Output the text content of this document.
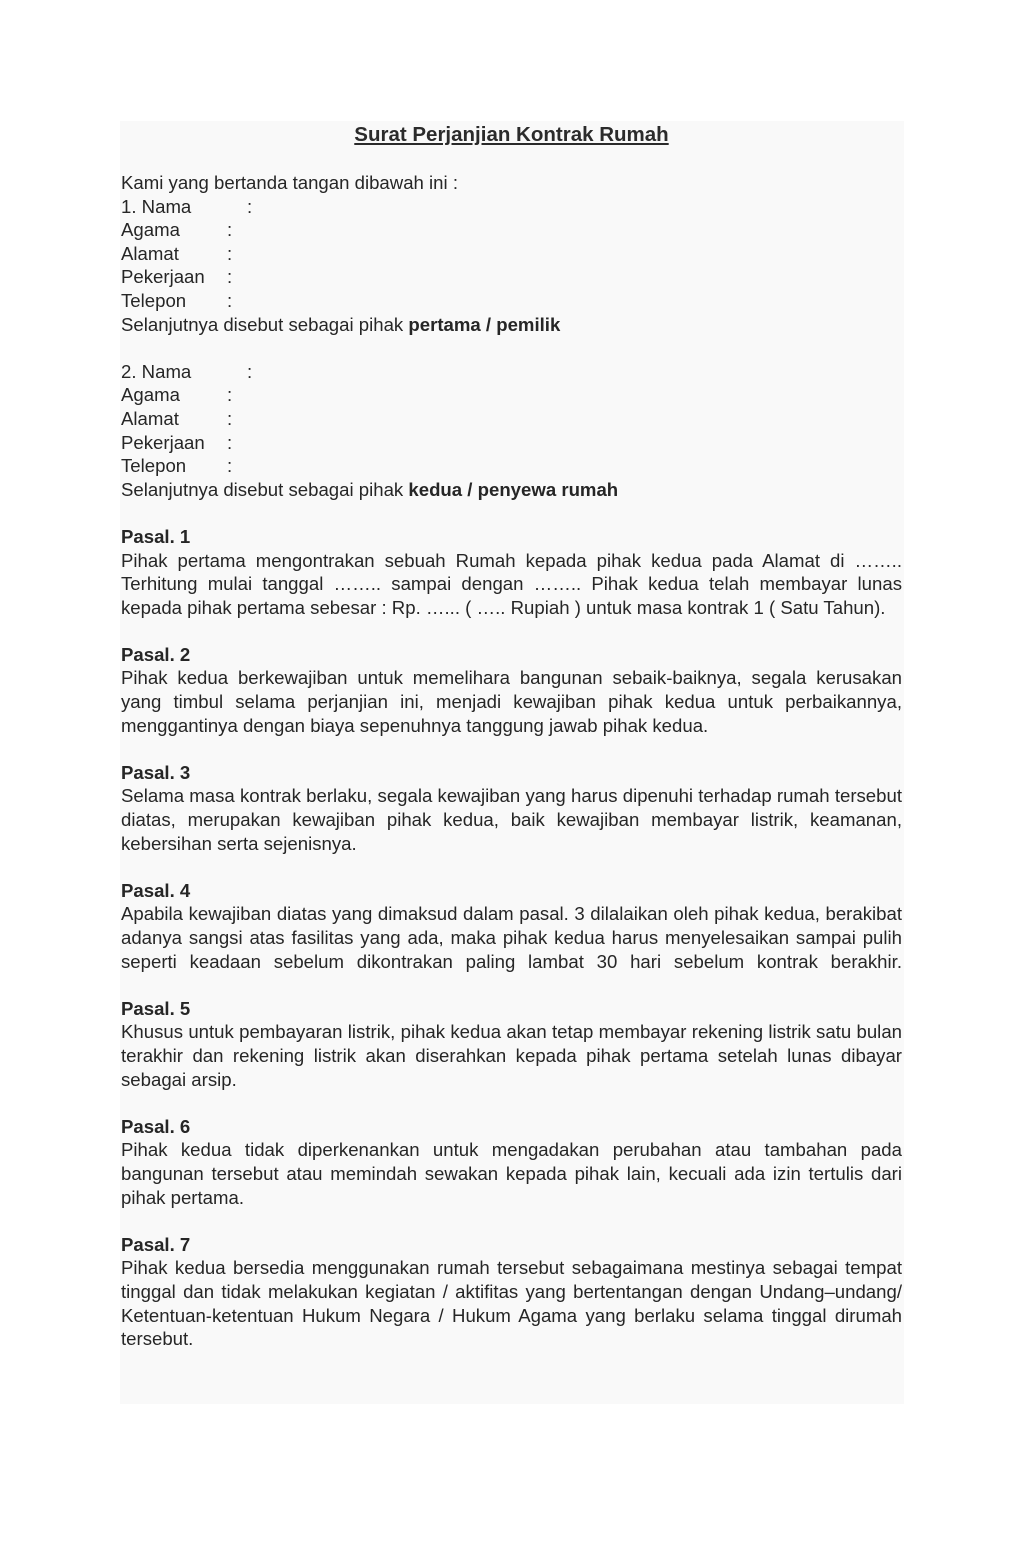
Surat Perjanjian Kontrak Rumah
Kami yang bertanda tangan dibawah ini :
1. Nama	:
Agama	:
Alamat	:
Pekerjaan	:
Telepon	:
Selanjutnya disebut sebagai pihak pertama / pemilik
2. Nama	:
Agama	:
Alamat	:
Pekerjaan	:
Telepon	:
Selanjutnya disebut sebagai pihak kedua / penyewa rumah
Pasal. 1
Pihak pertama mengontrakan sebuah Rumah kepada pihak kedua pada Alamat di …….. Terhitung mulai tanggal …….. sampai dengan …….. Pihak kedua telah membayar lunas kepada pihak pertama sebesar : Rp. …... ( ….. Rupiah ) untuk masa kontrak 1 ( Satu Tahun).
Pasal. 2
Pihak kedua berkewajiban untuk memelihara bangunan sebaik-baiknya, segala kerusakan yang timbul selama perjanjian ini, menjadi kewajiban pihak kedua untuk perbaikannya, menggantinya dengan biaya sepenuhnya tanggung jawab pihak kedua.
Pasal. 3
Selama masa kontrak berlaku, segala kewajiban yang harus dipenuhi terhadap rumah tersebut diatas, merupakan kewajiban pihak kedua, baik kewajiban membayar listrik, keamanan, kebersihan serta sejenisnya.
Pasal. 4
Apabila kewajiban diatas yang dimaksud dalam pasal. 3 dilalaikan oleh pihak kedua, berakibat adanya sangsi atas fasilitas yang ada, maka pihak kedua harus menyelesaikan sampai pulih seperti keadaan sebelum dikontrakan paling lambat 30 hari sebelum kontrak berakhir.
Pasal. 5
Khusus untuk pembayaran listrik, pihak kedua akan tetap membayar rekening listrik satu bulan terakhir dan rekening listrik akan diserahkan kepada pihak pertama setelah lunas dibayar sebagai arsip.
Pasal. 6
Pihak kedua tidak diperkenankan untuk mengadakan perubahan atau tambahan pada bangunan tersebut atau memindah sewakan kepada pihak lain, kecuali ada izin tertulis dari pihak pertama.
Pasal. 7
Pihak kedua bersedia menggunakan rumah tersebut sebagaimana mestinya sebagai tempat tinggal dan tidak melakukan kegiatan / aktifitas yang bertentangan dengan Undang–undang/ Ketentuan-ketentuan Hukum Negara / Hukum Agama yang berlaku selama tinggal dirumah tersebut.
